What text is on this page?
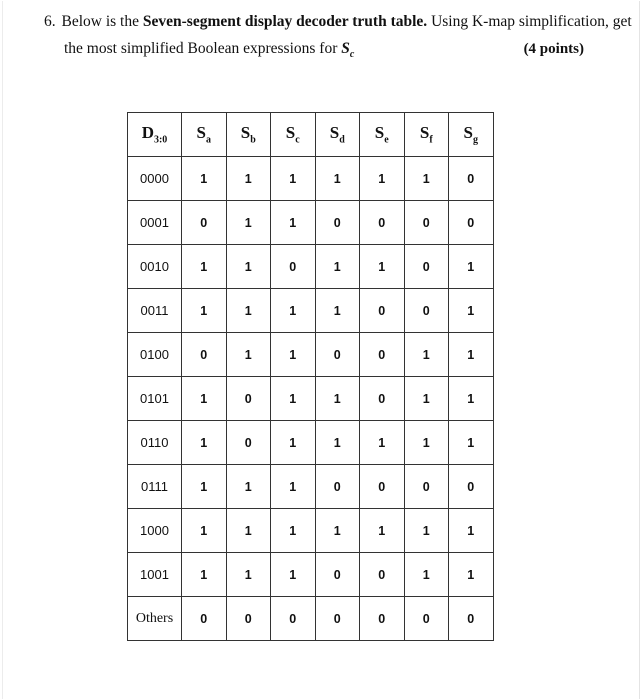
6. Below is the Seven-segment display decoder truth table. Using K-map simplification, get
the most simplified Boolean expressions for $S_c$	(4 points)
$D_{3:0}$	$S_a$	$S_b$	$S_c$	$S_d$	$S_e$	$S_f$	$S_g$
0000	1	1	1	1	1	1	0
0001	0	1	1	0	0	0	0
0010	1	1	0	1	1	0	1
0011	1	1	1	1	0	0	1
0100	0	1	1	0	0	1	1
0101	1	0	1	1	0	1	1
0110	1	0	1	1	1	1	1
0111	1	1	1	0	0	0	0
1000	1	1	1	1	1	1	1
1001	1	1	1	0	0	1	1
Others	0	0	0	0	0	0	0
